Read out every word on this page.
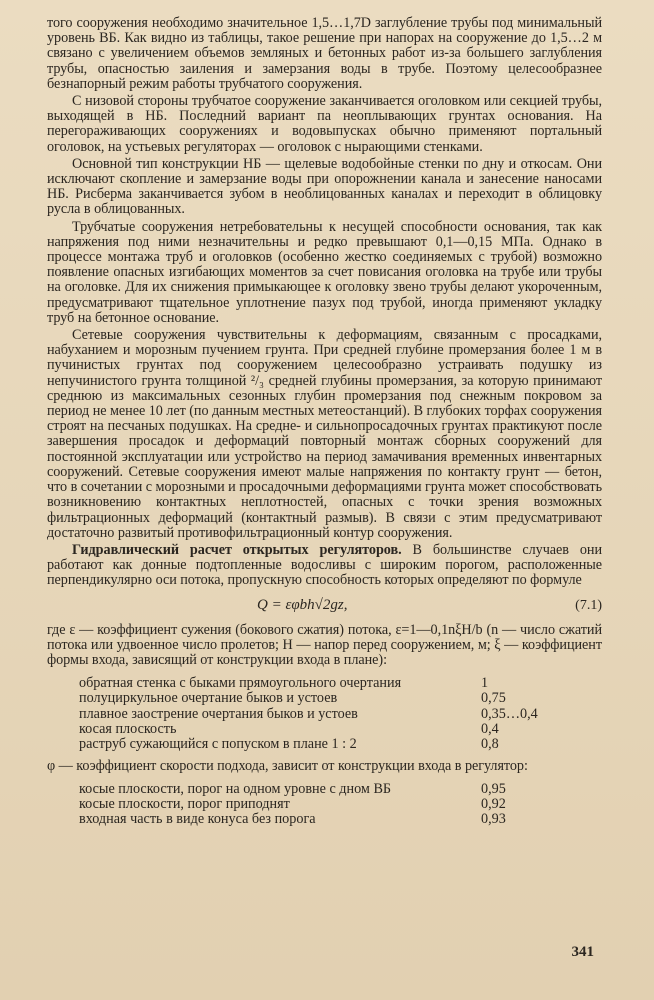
того сооружения необходимо значительное 1,5…1,7D заглубление трубы под минимальный уровень ВБ. Как видно из таблицы, такое решение при напорах на сооружение до 1,5…2 м связано с увеличением объемов земляных и бетонных работ из-за большего заглубления трубы, опасностью заиления и замерзания воды в трубе. Поэтому целесообразнее безнапорный режим работы трубчатого сооружения.

С низовой стороны трубчатое сооружение заканчивается оголовком или секцией трубы, выходящей в НБ. Последний вариант па неоплывающих грунтах основания. На перегораживающих сооружениях и водовыпусках обычно применяют портальный оголовок, на устьевых регуляторах — оголовок с нырающими стенками.

Основной тип конструкции НБ — щелевые водобойные стенки по дну и откосам. Они исключают скопление и замерзание воды при опорожнении канала и занесение наносами НБ. Рисберма заканчивается зубом в необлицованных каналах и переходит в облицовку русла в облицованных.

Трубчатые сооружения нетребовательны к несущей способности основания, так как напряжения под ними незначительны и редко превышают 0,1—0,15 МПа. Однако в процессе монтажа труб и оголовков (особенно жестко соединяемых с трубой) возможно появление опасных изгибающих моментов за счет повисания оголовка на трубе или трубы на оголовке. Для их снижения примыкающее к оголовку звено трубы делают укороченным, предусматривают тщательное уплотнение пазух под трубой, иногда применяют укладку труб на бетонное основание.

Сетевые сооружения чувствительны к деформациям, связанным с просадками, набуханием и морозным пучением грунта. При средней глубине промерзания более 1 м в пучинистых грунтах под сооружением целесообразно устраивать подушку из непучинистого грунта толщиной ²/₃ средней глубины промерзания, за которую принимают среднюю из максимальных сезонных глубин промерзания под снежным покровом за период не менее 10 лет (по данным местных метеостанций). В глубоких торфах сооружения строят на песчаных подушках. На средне- и сильнопросадочных грунтах практикуют после завершения просадок и деформаций повторный монтаж сборных сооружений для постоянной эксплуатации или устройство на период замачивания временных инвентарных сооружений. Сетевые сооружения имеют малые напряжения по контакту грунт — бетон, что в сочетании с морозными и просадочными деформациями грунта может способствовать возникновению контактных неплотностей, опасных с точки зрения возможных фильтрационных деформаций (контактный размыв). В связи с этим предусматривают достаточно развитый противофильтрационный контур сооружения.

Гидравлический расчет открытых регуляторов. В большинстве случаев они работают как донные подтопленные водосливы с широким порогом, расположенные перпендикулярно оси потока, пропускную способность которых определяют по формуле

Q = εφbh√2gz,	(7.1)

где ε — коэффициент сужения (бокового сжатия) потока, ε=1—0,1nξH/b (n — число сжатий потока или удвоенное число пролетов; H — напор перед сооружением, м; ξ — коэффициент формы входа, зависящий от конструкции входа в плане):

обратная стенка с быками прямоугольного очертания	1
полуциркульное очертание быков и устоев	0,75
плавное заострение очертания быков и устоев	0,35…0,4
косая плоскость	0,4
раструб сужающийся с попуском в плане 1 : 2	0,8

φ — коэффициент скорости подхода, зависит от конструкции входа в регулятор:

косые плоскости, порог на одном уровне с дном ВБ	0,95
косые плоскости, порог приподнят	0,92
входная часть в виде конуса без порога	0,93
341
